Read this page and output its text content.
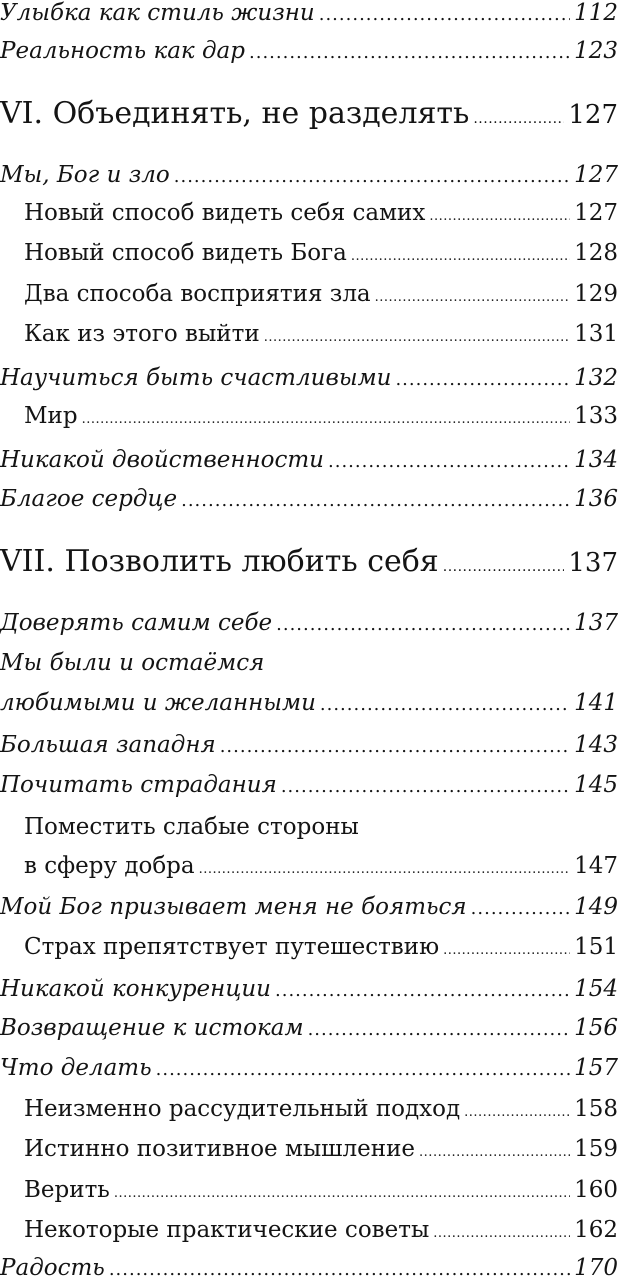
Улыбка как стиль жизни .....	112
Реальность как дар .....	123
VI. Объединять, не разделять .....	127
Мы, Бог и зло .....	127
Новый способ видеть себя самих .....	127
Новый способ видеть Бога .....	128
Два способа восприятия зла .....	129
Как из этого выйти .....	131
Научиться быть счастливыми .....	132
Мир .....	133
Никакой двойственности .....	134
Благое сердце .....	136
VII. Позволить любить себя .....	137
Доверять самим себе .....	137
Мы были и остаёмся
любимыми и желанными .....	141
Большая западня .....	143
Почитать страдания .....	145
Поместить слабые стороны
в сферу добра .....	147
Мой Бог призывает меня не бояться .....	149
Страх препятствует путешествию .....	151
Никакой конкуренции .....	154
Возвращение к истокам .....	156
Что делать .....	157
Неизменно рассудительный подход .....	158
Истинно позитивное мышление .....	159
Верить .....	160
Некоторые практические советы .....	162
Радость .....	170
